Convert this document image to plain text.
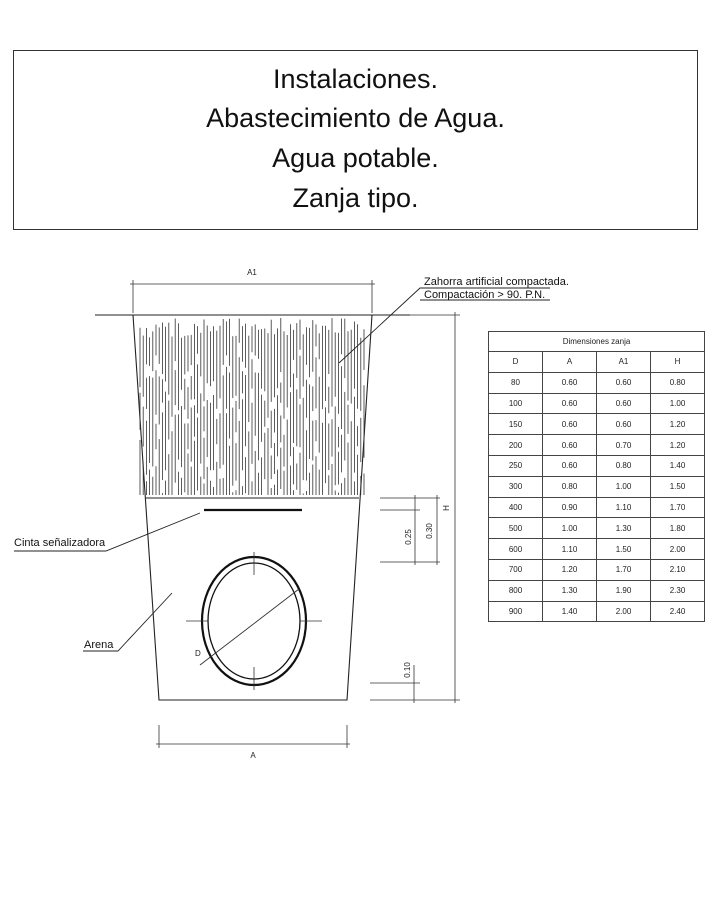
Instalaciones.
Abastecimiento de Agua.
Agua potable.
Zanja tipo.
D
A1
A
H
0.25 0.30
0.10
Zahorra artificial compactada.
Compactación > 90. P.N.
Cinta señalizadora
Arena
Dimensiones zanja			
D	A	A1	H
80	0.60	0.60	0.80
100	0.60	0.60	1.00
150	0.60	0.60	1.20
200	0.60	0.70	1.20
250	0.60	0.80	1.40
300	0.80	1.00	1.50
400	0.90	1.10	1.70
500	1.00	1.30	1.80
600	1.10	1.50	2.00
700	1.20	1.70	2.10
800	1.30	1.90	2.30
900	1.40	2.00	2.40
